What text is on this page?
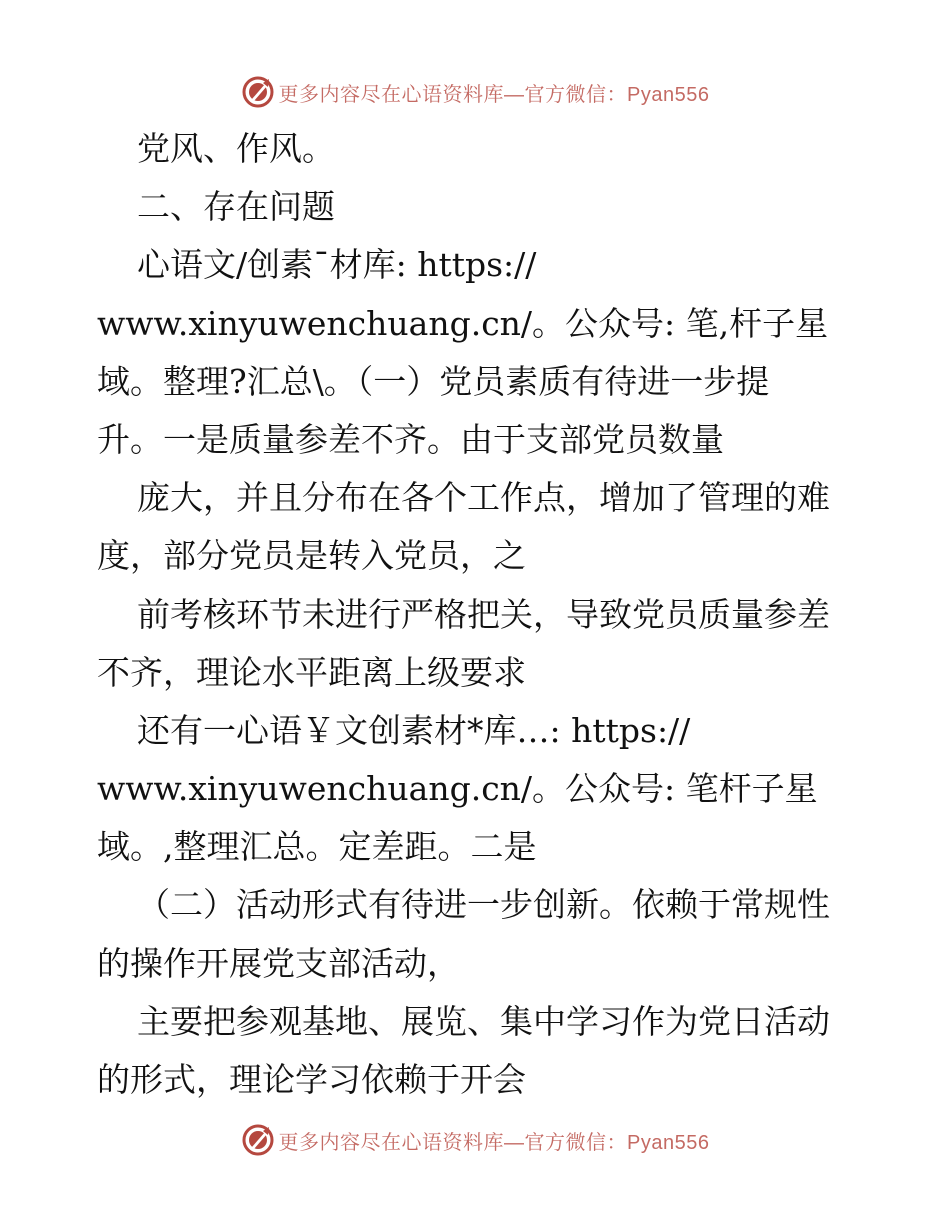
更多内容尽在心语资料库—官方微信：Pyan556
党风、作风。
二、存在问题
心语文/创素¯材库: https://
www.xinyuwenchuang.cn/。公众号: 笔,杆子星
域。整理?汇总\。（一）党员素质有待进一步提
升。一是质量参差不齐。由于支部党员数量
庞大，并且分布在各个工作点，增加了管理的难
度，部分党员是转入党员，之
前考核环节未进行严格把关，导致党员质量参差
不齐，理论水平距离上级要求
还有一心语￥文创素材*库…: https://
www.xinyuwenchuang.cn/。公众号: 笔杆子星
域。,整理汇总。定差距。二是
（二）活动形式有待进一步创新。依赖于常规性
的操作开展党支部活动，
主要把参观基地、展览、集中学习作为党日活动
的形式，理论学习依赖于开会
更多内容尽在心语资料库—官方微信：Pyan556
